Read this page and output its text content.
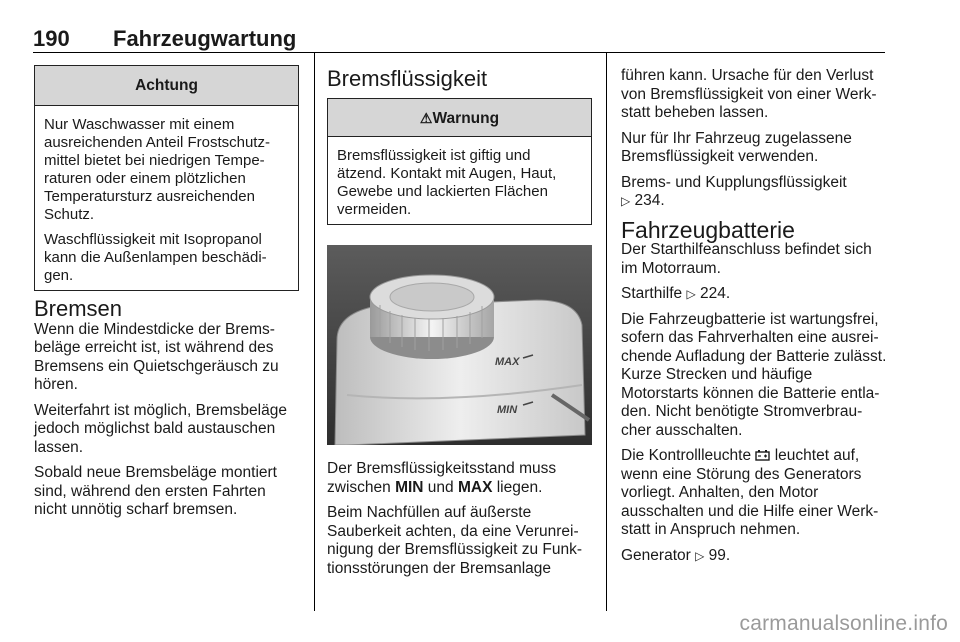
190 Fahrzeugwartung
Achtung

Nur Waschwasser mit einem ausreichenden Anteil Frostschutz-mittel bietet bei niedrigen Tempe-raturen oder einem plötzlichen Temperatursturz ausreichenden Schutz.

Waschflüssigkeit mit Isopropanol kann die Außenlampen beschädi-gen.

Bremsen

Wenn die Mindestdicke der Brems-beläge erreicht ist, ist während des Bremsens ein Quietschgeräusch zu hören.

Weiterfahrt ist möglich, Bremsbeläge jedoch möglichst bald austauschen lassen.

Sobald neue Bremsbeläge montiert sind, während den ersten Fahrten nicht unnötig scharf bremsen.

Bremsflüssigkeit
⚠Warnung

Bremsflüssigkeit ist giftig und ätzend. Kontakt mit Augen, Haut, Gewebe und lackierten Flächen vermeiden.

MAX
MIN

Der Bremsflüssigkeitsstand muss zwischen MIN und MAX liegen.

Beim Nachfüllen auf äußerste Sauberkeit achten, da eine Verunrei-nigung der Bremsflüssigkeit zu Funk-tionsstörungen der Bremsanlage

führen kann. Ursache für den Verlust von Bremsflüssigkeit von einer Werk-statt beheben lassen.

Nur für Ihr Fahrzeug zugelassene Bremsflüssigkeit verwenden.

Brems- und Kupplungsflüssigkeit
▷ 234.

Fahrzeugbatterie

Der Starthilfeanschluss befindet sich im Motorraum.

Starthilfe ▷ 224.

Die Fahrzeugbatterie ist wartungsfrei, sofern das Fahrverhalten eine ausrei-chende Aufladung der Batterie zulässt. Kurze Strecken und häufige Motorstarts können die Batterie entla-den. Nicht benötigte Stromverbrau-cher ausschalten.

Die Kontrollleuchte  leuchtet auf, wenn eine Störung des Generators vorliegt. Anhalten, den Motor ausschalten und die Hilfe einer Werk-statt in Anspruch nehmen.

Generator ▷ 99.

carmanualsonline.info
